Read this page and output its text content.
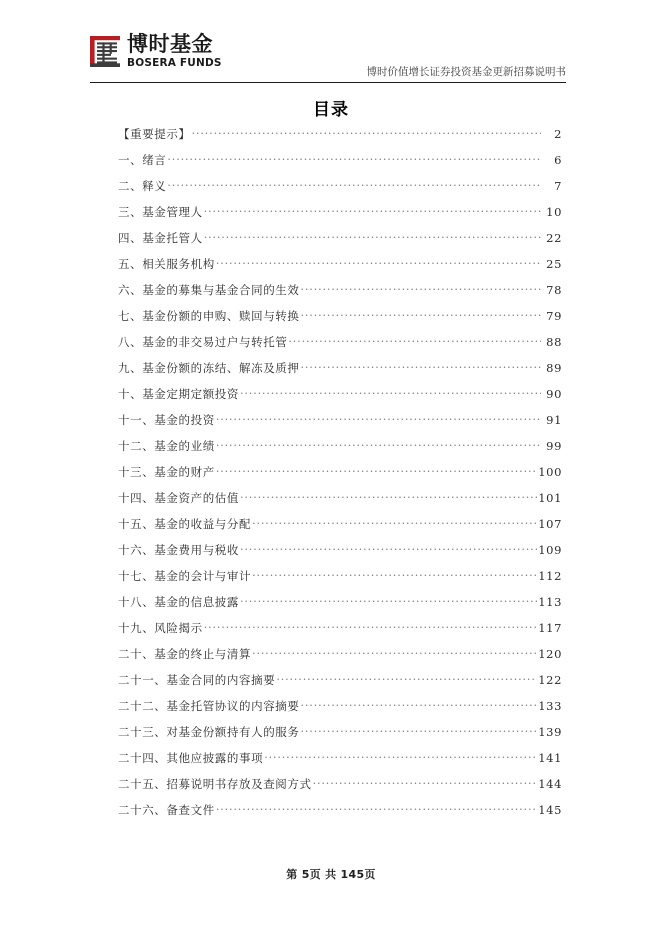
博时基金
BOSERA FUNDS
博时价值增长证券投资基金更新招募说明书
目录
【重要提示】 .....	2
一、绪言 .....	6
二、释义 .....	7
三、基金管理人 .....	10
四、基金托管人 .....	22
五、相关服务机构 .....	25
六、基金的募集与基金合同的生效 .....	78
七、基金份额的申购、赎回与转换 .....	79
八、基金的非交易过户与转托管 .....	88
九、基金份额的冻结、解冻及质押 .....	89
十、基金定期定额投资 .....	90
十一、基金的投资 .....	91
十二、基金的业绩 .....	99
十三、基金的财产 .....	100
十四、基金资产的估值 .....	101
十五、基金的收益与分配 .....	107
十六、基金费用与税收 .....	109
十七、基金的会计与审计 .....	112
十八、基金的信息披露 .....	113
十九、风险揭示 .....	117
二十、基金的终止与清算 .....	120
二十一、基金合同的内容摘要 .....	122
二十二、基金托管协议的内容摘要 .....	133
二十三、对基金份额持有人的服务 .....	139
二十四、其他应披露的事项 .....	141
二十五、招募说明书存放及查阅方式 .....	144
二十六、备查文件 .....	145
第 5页 共 145页
